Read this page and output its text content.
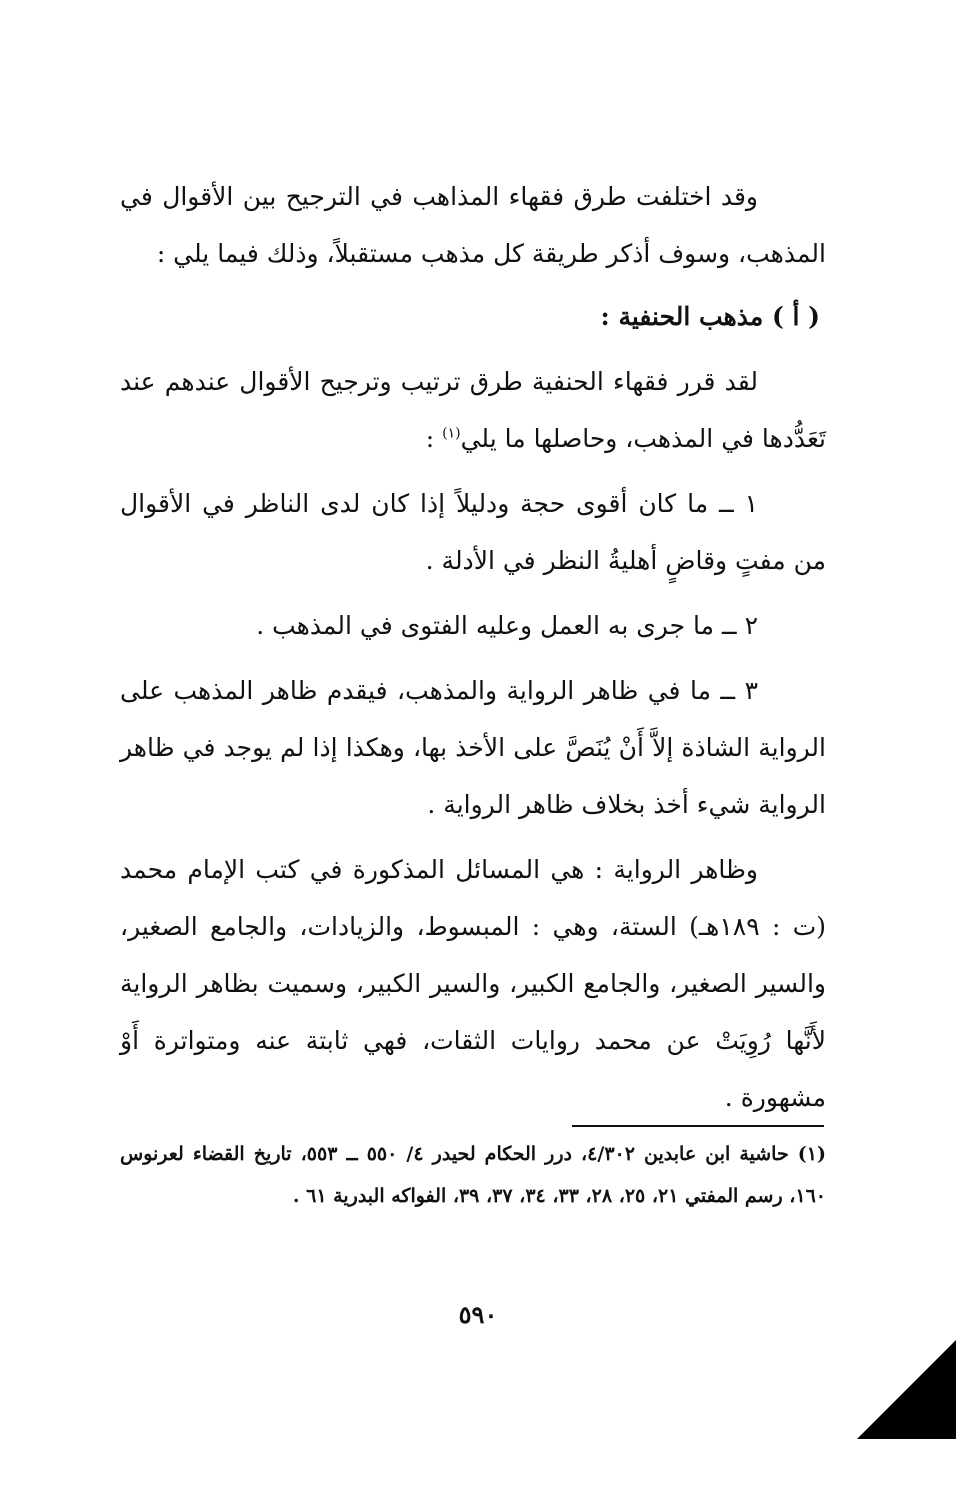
وقد اختلفت طرق فقهاء المذاهب في الترجيح بين الأقوال في المذهب، وسوف أذكر طريقة كل مذهب مستقبلاً، وذلك فيما يلي :

( أ ) مذهب الحنفية :

لقد قرر فقهاء الحنفية طرق ترتيب وترجيح الأقوال عندهم عند تَعَدُّدها في المذهب، وحاصلها ما يلي$^{(١)}$ :

١ ــ ما كان أقوى حجة ودليلاً إذا كان لدى الناظر في الأقوال من مفتٍ وقاضٍ أهليةُ النظر في الأدلة .

٢ ــ ما جرى به العمل وعليه الفتوى في المذهب .

٣ ــ ما في ظاهر الرواية والمذهب، فيقدم ظاهر المذهب على الرواية الشاذة إلاَّ أَنْ يُنَصَّ على الأخذ بها، وهكذا إذا لم يوجد في ظاهر الرواية شيء أخذ بخلاف ظاهر الرواية .

وظاهر الرواية : هي المسائل المذكورة في كتب الإمام محمد (ت : ١٨٩هـ) الستة، وهي : المبسوط، والزيادات، والجامع الصغير، والسير الصغير، والجامع الكبير، والسير الكبير، وسميت بظاهر الرواية لأَنَّها رُوِيَتْ عن محمد روايات الثقات، فهي ثابتة عنه ومتواترة أَوْ مشهورة .

(١) حاشية ابن عابدين ٤/٣٠٢، درر الحكام لحيدر ٤/ ٥٥٠ ــ ٥٥٣، تاريخ القضاء لعرنوس ١٦٠، رسم المفتي ٢١، ٢٥، ٢٨، ٣٣، ٣٤، ٣٧، ٣٩، الفواكه البدرية ٦١ .

٥٩٠
